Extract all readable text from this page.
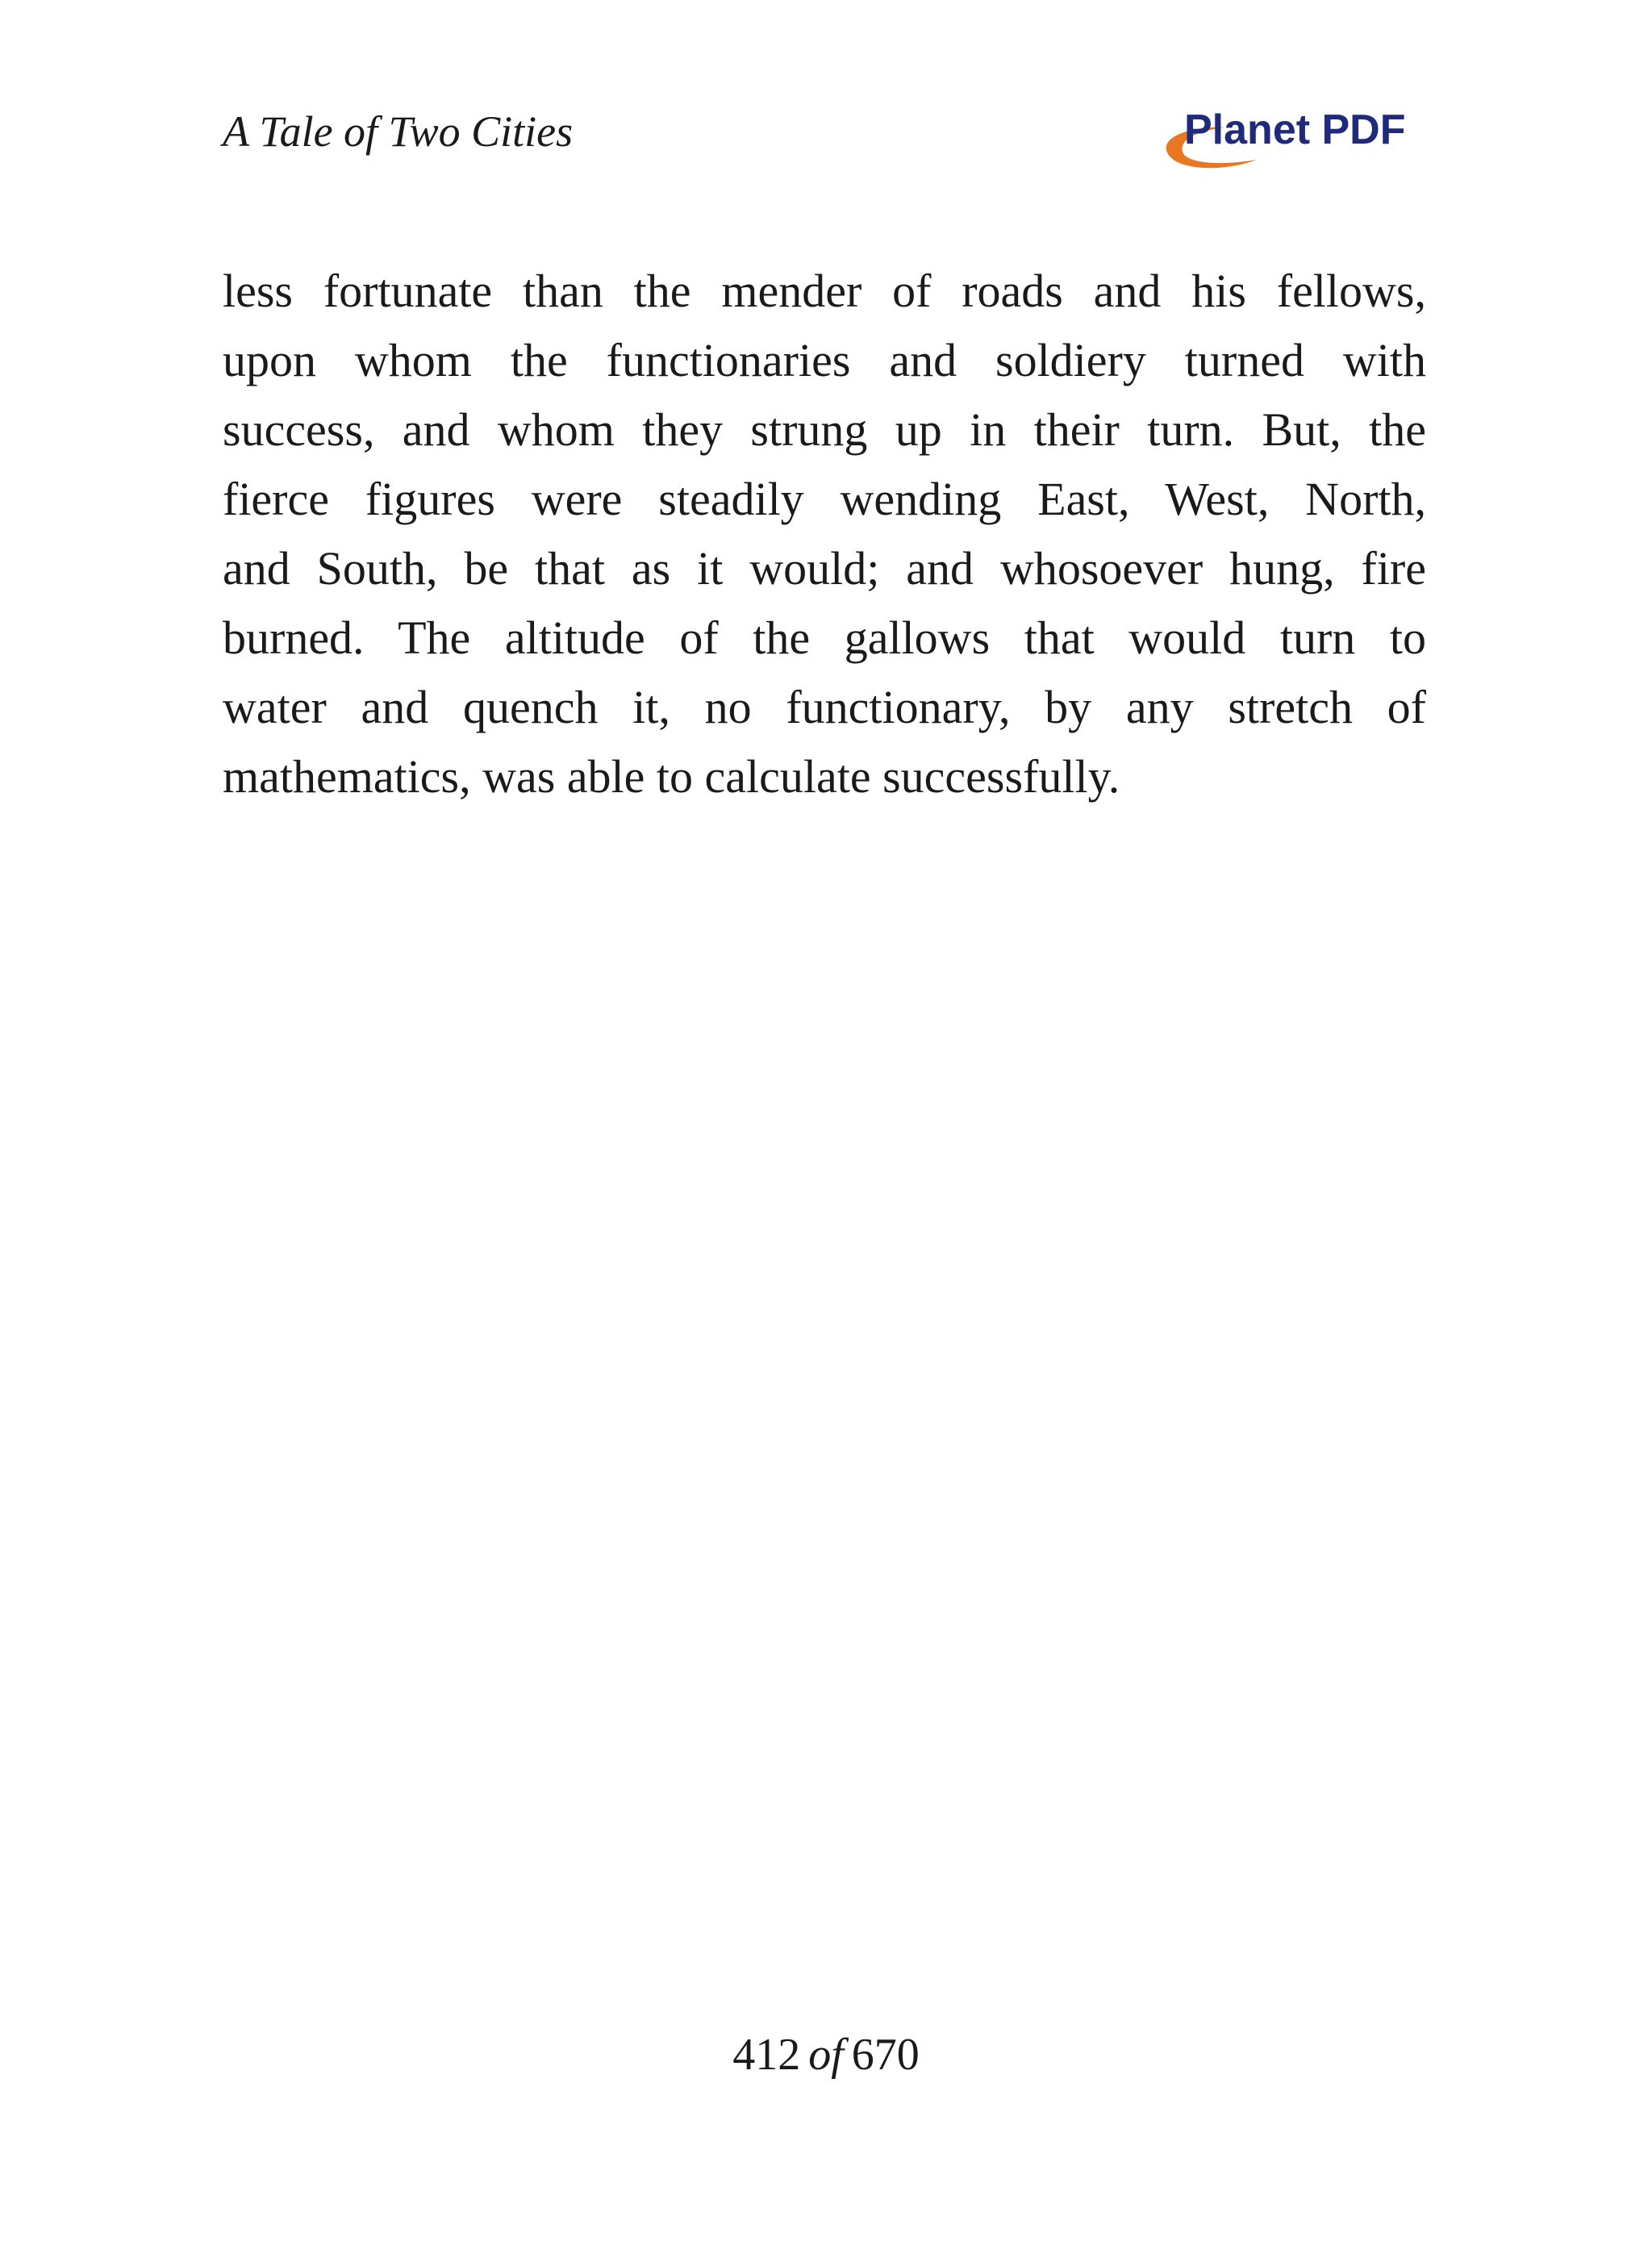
A Tale of Two Cities	Planet PDF
less fortunate than the mender of roads and his fellows,
upon whom the functionaries and soldiery turned with
success, and whom they strung up in their turn. But, the
fierce figures were steadily wending East, West, North,
and South, be that as it would; and whosoever hung, fire
burned. The altitude of the gallows that would turn to
water and quench it, no functionary, by any stretch of
mathematics, was able to calculate successfully.
412 of 670
